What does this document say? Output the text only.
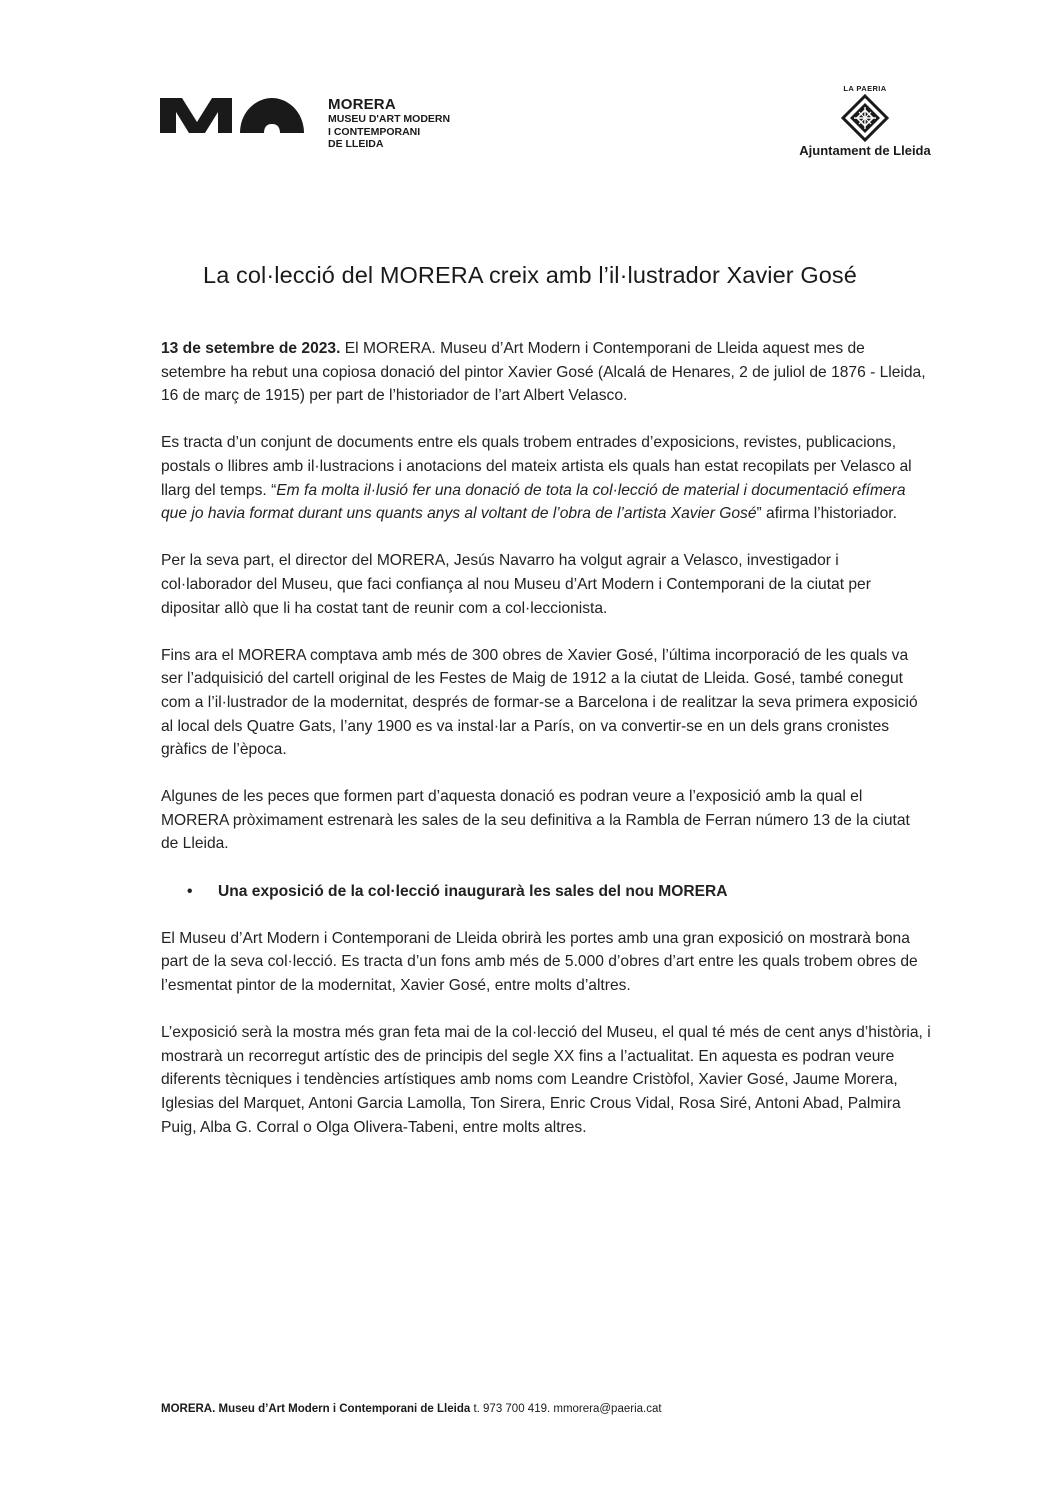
MORERA
MUSEU D'ART MODERN
I CONTEMPORANI
DE LLEIDA
LA PAERIA
Ajuntament de Lleida
La col·lecció del MORERA creix amb l’il·lustrador Xavier Gosé

13 de setembre de 2023. El MORERA. Museu d’Art Modern i Contemporani de Lleida aquest mes de setembre ha rebut una copiosa donació del pintor Xavier Gosé (Alcalá de Henares, 2 de juliol de 1876 - Lleida, 16 de març de 1915) per part de l’historiador de l’art Albert Velasco.

Es tracta d’un conjunt de documents entre els quals trobem entrades d’exposicions, revistes, publicacions, postals o llibres amb il·lustracions i anotacions del mateix artista els quals han estat recopilats per Velasco al llarg del temps. “Em fa molta il·lusió fer una donació de tota la col·lecció de material i documentació efímera que jo havia format durant uns quants anys al voltant de l’obra de l’artista Xavier Gosé” afirma l’historiador.

Per la seva part, el director del MORERA, Jesús Navarro ha volgut agrair a Velasco, investigador i col·laborador del Museu, que faci confiança al nou Museu d’Art Modern i Contemporani de la ciutat per dipositar allò que li ha costat tant de reunir com a col·leccionista.

Fins ara el MORERA comptava amb més de 300 obres de Xavier Gosé, l’última incorporació de les quals va ser l’adquisició del cartell original de les Festes de Maig de 1912 a la ciutat de Lleida. Gosé, també conegut com a l’il·lustrador de la modernitat, després de formar-se a Barcelona i de realitzar la seva primera exposició al local dels Quatre Gats, l’any 1900 es va instal·lar a París, on va convertir-se en un dels grans cronistes gràfics de l’època.

Algunes de les peces que formen part d’aquesta donació es podran veure a l’exposició amb la qual el MORERA pròximament estrenarà les sales de la seu definitiva a la Rambla de Ferran número 13 de la ciutat de Lleida.

•	Una exposició de la col·lecció inaugurarà les sales del nou MORERA

El Museu d’Art Modern i Contemporani de Lleida obrirà les portes amb una gran exposició on mostrarà bona part de la seva col·lecció. Es tracta d’un fons amb més de 5.000 d’obres d’art entre les quals trobem obres de l’esmentat pintor de la modernitat, Xavier Gosé, entre molts d’altres.

L’exposició serà la mostra més gran feta mai de la col·lecció del Museu, el qual té més de cent anys d’història, i mostrarà un recorregut artístic des de principis del segle XX fins a l’actualitat. En aquesta es podran veure diferents tècniques i tendències artístiques amb noms com Leandre Cristòfol, Xavier Gosé, Jaume Morera, Iglesias del Marquet, Antoni Garcia Lamolla, Ton Sirera, Enric Crous Vidal, Rosa Siré, Antoni Abad, Palmira Puig, Alba G. Corral o Olga Olivera-Tabeni, entre molts altres.

MORERA. Museu d’Art Modern i Contemporani de Lleida t. 973 700 419. mmorera@paeria.cat
